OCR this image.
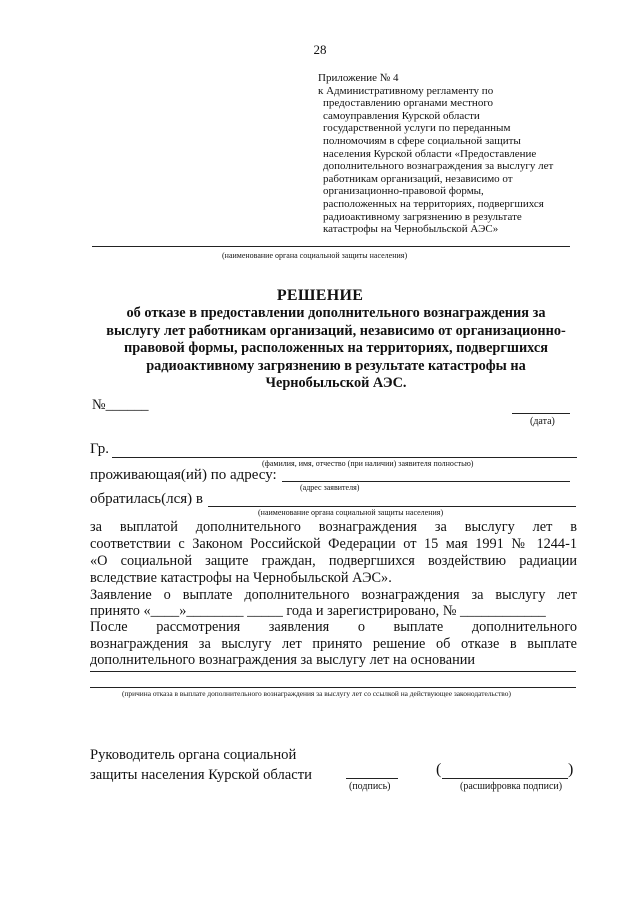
28
Приложение № 4
к Административному регламенту по
предоставлению органами местного
самоуправления Курской области
государственной услуги по переданным
полномочиям в сфере социальной защиты
населения Курской области «Предоставление
дополнительного вознаграждения за выслугу лет
работникам организаций, независимо от
организационно-правовой формы,
расположенных на территориях, подвергшихся
радиоактивному загрязнению в результате
катастрофы на Чернобыльской АЭС»
(наименование органа социальной защиты населения)
РЕШЕНИЕ
об отказе в предоставлении дополнительного вознаграждения за
выслугу лет работникам организаций, независимо от организационно-
правовой формы, расположенных на территориях, подвергшихся
радиоактивному загрязнению в результате катастрофы на
Чернобыльской АЭС.
№______
(дата)
Гр.
(фамилия, имя, отчество (при наличии) заявителя полностью)
проживающая(ий) по адресу:
(адрес заявителя)
обратилась(лся) в
(наименование органа социальной защиты населения)
за выплатой дополнительного вознаграждения за выслугу лет в
соответствии с Законом Российской Федерации от 15 мая 1991 № 1244-1
«О социальной защите граждан, подвергшихся воздействию радиации
вследствие катастрофы на Чернобыльской АЭС».
Заявление о выплате дополнительного вознаграждения за выслугу лет
принято «____»________ _____ года и зарегистрировано, № ____________
После рассмотрения заявления о выплате дополнительного
вознаграждения за выслугу лет принято решение об отказе в выплате
дополнительного вознаграждения за выслугу лет на основании
(причина отказа в выплате дополнительного вознаграждения за выслугу лет со ссылкой на действующее законодательство)
Руководитель органа социальной
защиты населения Курской области
(подпись)
(	)
(расшифровка подписи)
